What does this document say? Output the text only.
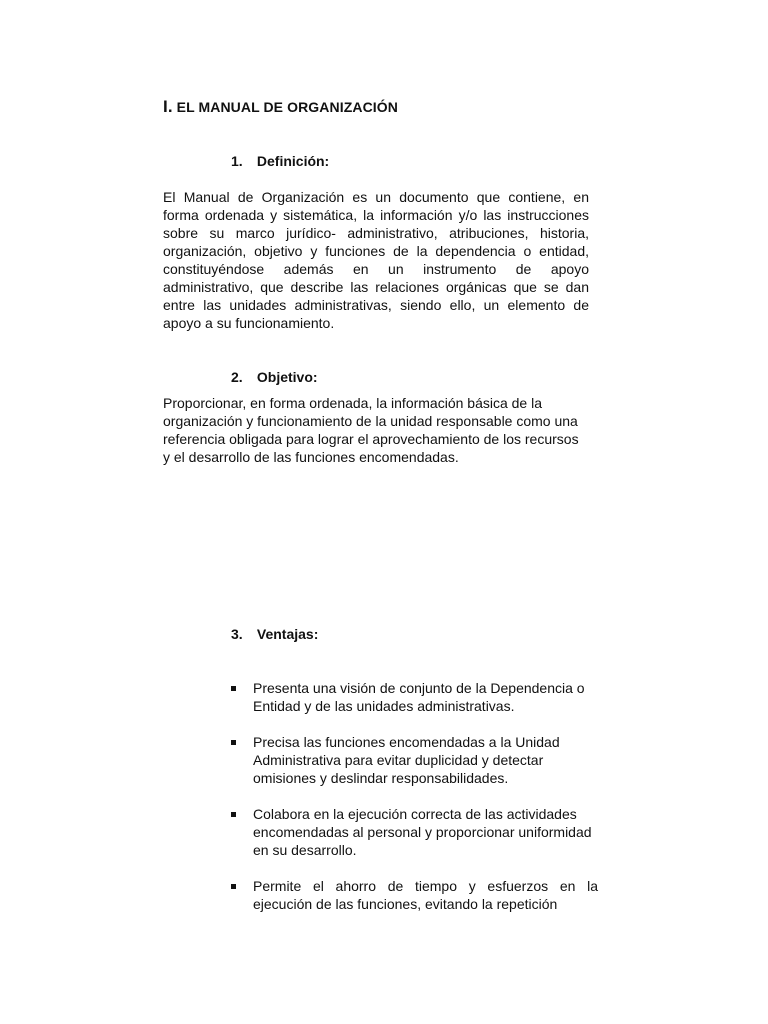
I. EL MANUAL DE ORGANIZACIÓN
1. Definición:

El Manual de Organización es un documento que contiene, en forma ordenada y sistemática, la información y/o las instrucciones sobre su marco jurídico- administrativo, atribuciones, historia, organización, objetivo y funciones de la dependencia o entidad, constituyéndose además en un instrumento de apoyo administrativo, que describe las relaciones orgánicas que se dan entre las unidades administrativas, siendo ello, un elemento de apoyo a su funcionamiento.

2. Objetivo:

Proporcionar, en forma ordenada, la información básica de la organización y funcionamiento de la unidad responsable como una referencia obligada para lograr el aprovechamiento de los recursos y el desarrollo de las funciones encomendadas.

3. Ventajas:
Presenta una visión de conjunto de la Dependencia o Entidad y de las unidades administrativas.
Precisa las funciones encomendadas a la Unidad Administrativa para evitar duplicidad y detectar omisiones y deslindar responsabilidades.
Colabora en la ejecución correcta de las actividades encomendadas al personal y proporcionar uniformidad en su desarrollo.
Permite el ahorro de tiempo y esfuerzos en la ejecución de las funciones, evitando la repetición
